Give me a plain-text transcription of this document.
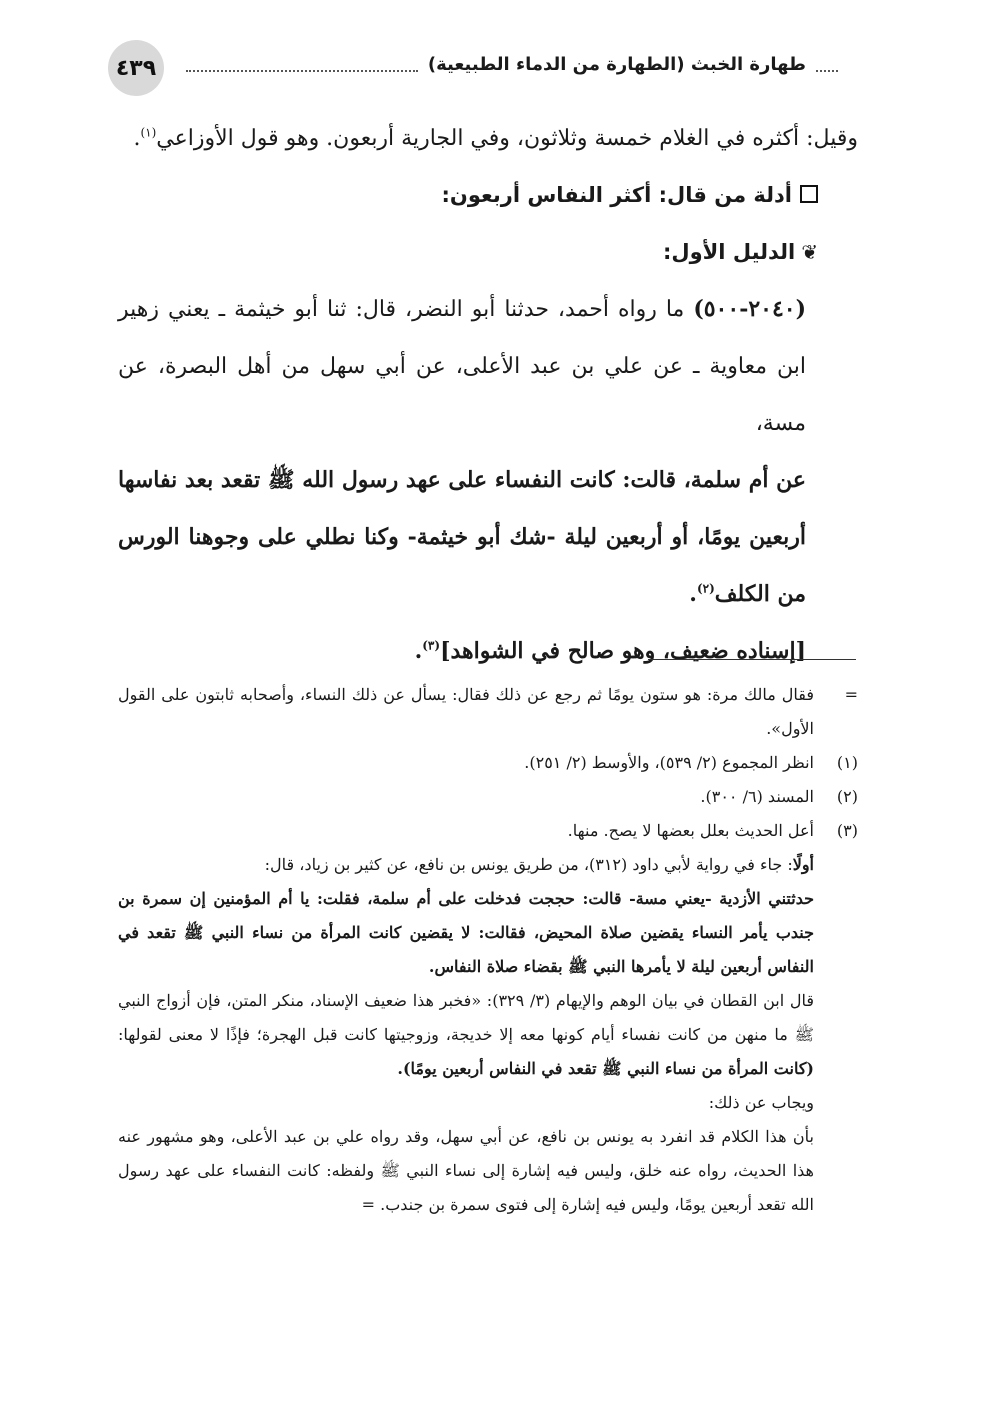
٤٣٩	طهارة الخبث (الطهارة من الدماء الطبيعية)

وقيل: أكثره في الغلام خمسة وثلاثون، وفي الجارية أربعون. وهو قول الأوزاعي$^{(١)}$.

أدلة من قال: أكثر النفاس أربعون:

❦الدليل الأول:

(٢٠٤٠-٥٠٠) ما رواه أحمد، حدثنا أبو النضر، قال: ثنا أبو خيثمة ـ يعني زهير ابن معاوية ـ عن علي بن عبد الأعلى، عن أبي سهل من أهل البصرة، عن مسة،

عن أم سلمة، قالت: كانت النفساء على عهد رسول الله ﷺ تقعد بعد نفاسها أربعين يومًا، أو أربعين ليلة -شك أبو خيثمة- وكنا نطلي على وجوهنا الورس من الكلف$^{(٢)}$.

[إسناده ضعيف، وهو صالح في الشواهد]$^{(٣)}$.

=

فقال مالك مرة: هو ستون يومًا ثم رجع عن ذلك فقال: يسأل عن ذلك النساء، وأصحابه ثابتون على القول الأول».

(١)

انظر المجموع (٢/ ٥٣٩)، والأوسط (٢/ ٢٥١).

(٢)

المسند (٦/ ٣٠٠).

(٣)

أعل الحديث بعلل بعضها لا يصح. منها.

أولًا: جاء في رواية لأبي داود (٣١٢)، من طريق يونس بن نافع، عن كثير بن زياد، قال:

حدثتني الأزدية -يعني مسة- قالت: حججت فدخلت على أم سلمة، فقلت: يا أم المؤمنين إن سمرة بن جندب يأمر النساء يقضين صلاة المحيض، فقالت: لا يقضين كانت المرأة من نساء النبي ﷺ تقعد في النفاس أربعين ليلة لا يأمرها النبي ﷺ بقضاء صلاة النفاس.

قال ابن القطان في بيان الوهم والإيهام (٣/ ٣٢٩): «فخبر هذا ضعيف الإسناد، منكر المتن، فإن أزواج النبي ﷺ ما منهن من كانت نفساء أيام كونها معه إلا خديجة، وزوجيتها كانت قبل الهجرة؛ فإذًا لا معنى لقولها: (كانت المرأة من نساء النبي ﷺ تقعد في النفاس أربعين يومًا).

ويجاب عن ذلك:

بأن هذا الكلام قد انفرد به يونس بن نافع، عن أبي سهل، وقد رواه علي بن عبد الأعلى، وهو مشهور عنه هذا الحديث، رواه عنه خلق، وليس فيه إشارة إلى نساء النبي ﷺ ولفظه: كانت النفساء على عهد رسول الله تقعد أربعين يومًا، وليس فيه إشارة إلى فتوى سمرة بن جندب. =
